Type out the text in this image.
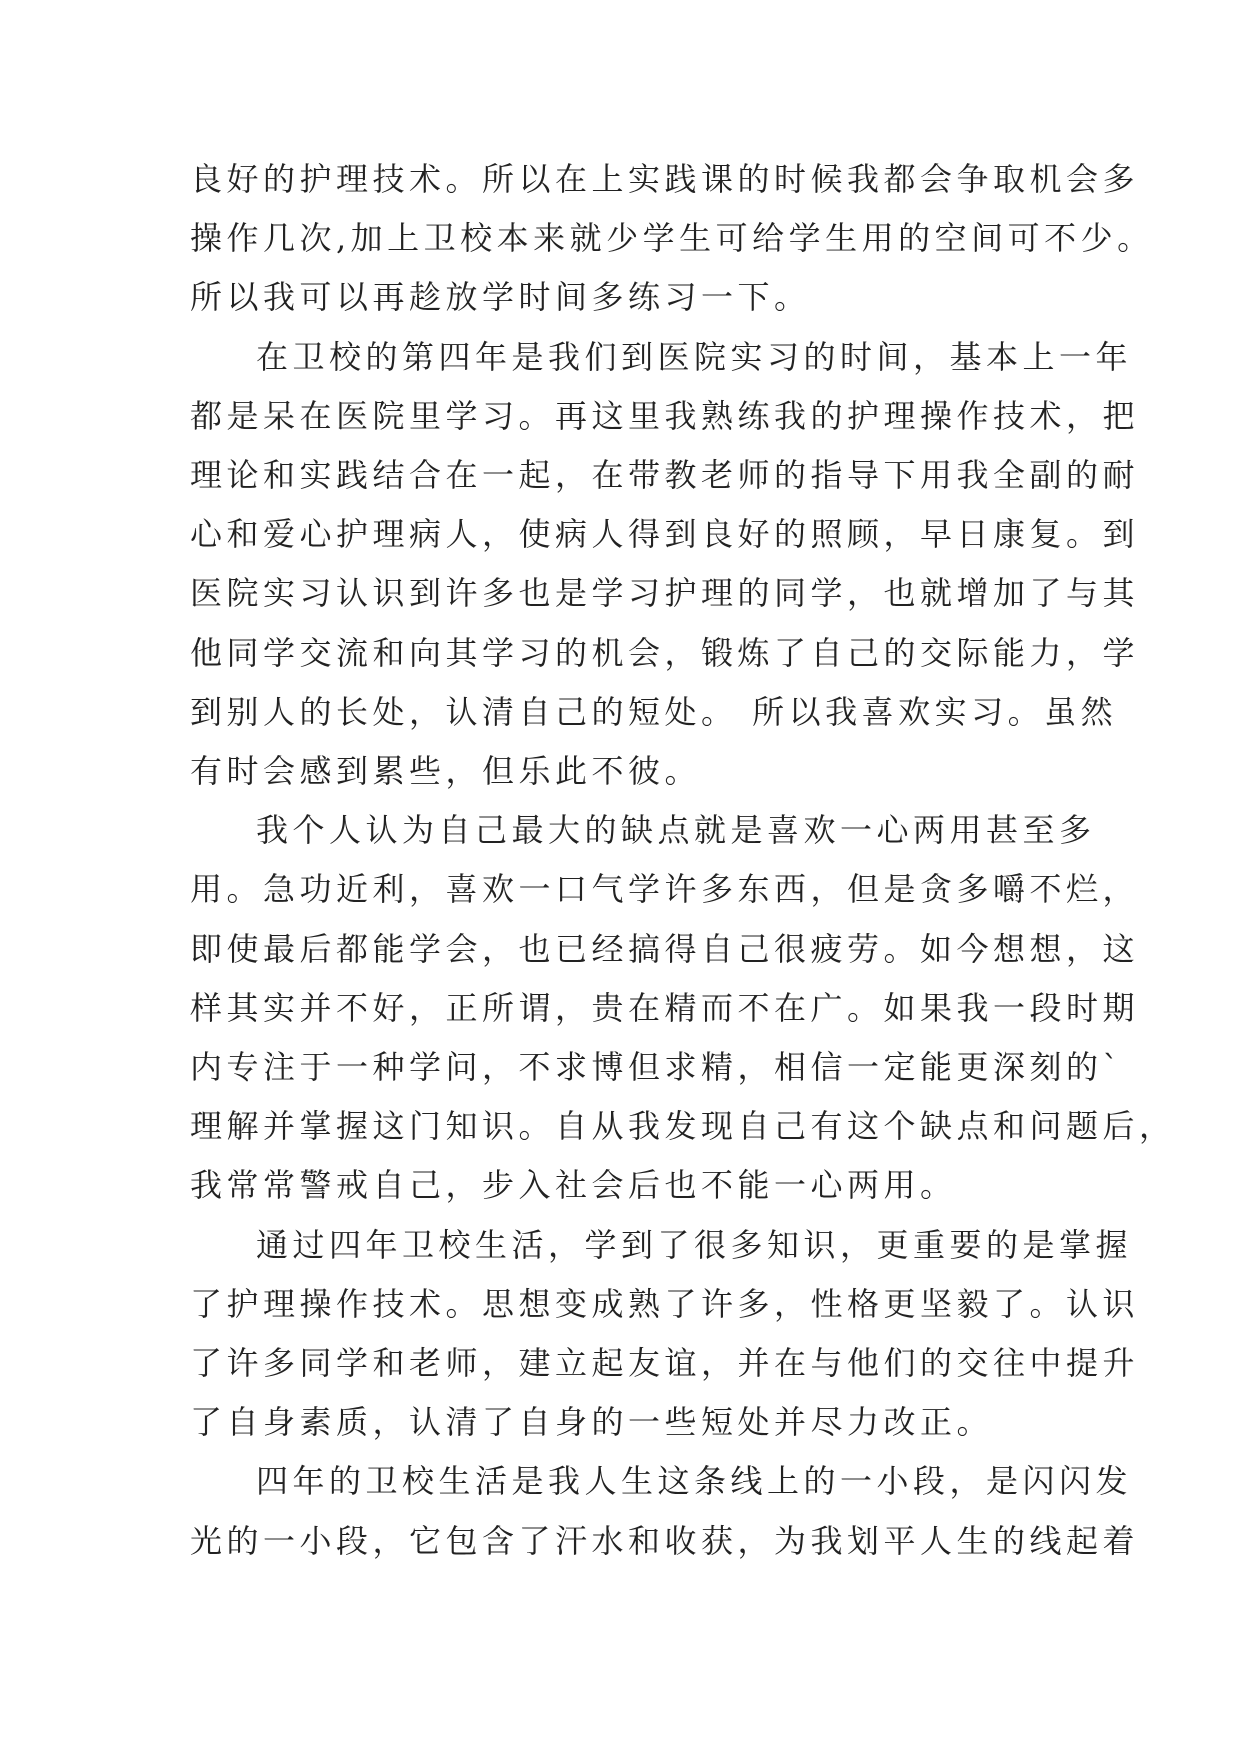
良好的护理技术。所以在上实践课的时候我都会争取机会多
操作几次,加上卫校本来就少学生可给学生用的空间可不少。
所以我可以再趁放学时间多练习一下。

在卫校的第四年是我们到医院实习的时间，基本上一年
都是呆在医院里学习。再这里我熟练我的护理操作技术，把
理论和实践结合在一起，在带教老师的指导下用我全副的耐
心和爱心护理病人，使病人得到良好的照顾，早日康复。到
医院实习认识到许多也是学习护理的同学，也就增加了与其
他同学交流和向其学习的机会，锻炼了自己的交际能力，学
到别人的长处，认清自己的短处。 所以我喜欢实习。虽然
有时会感到累些，但乐此不彼。

我个人认为自己最大的缺点就是喜欢一心两用甚至多
用。急功近利，喜欢一口气学许多东西，但是贪多嚼不烂，
即使最后都能学会，也已经搞得自己很疲劳。如今想想，这
样其实并不好，正所谓，贵在精而不在广。如果我一段时期
内专注于一种学问，不求博但求精，相信一定能更深刻的`
理解并掌握这门知识。自从我发现自己有这个缺点和问题后，
我常常警戒自己，步入社会后也不能一心两用。

通过四年卫校生活，学到了很多知识，更重要的是掌握
了护理操作技术。思想变成熟了许多，性格更坚毅了。认识
了许多同学和老师，建立起友谊，并在与他们的交往中提升
了自身素质，认清了自身的一些短处并尽力改正。

四年的卫校生活是我人生这条线上的一小段，是闪闪发
光的一小段，它包含了汗水和收获，为我划平人生的线起着
